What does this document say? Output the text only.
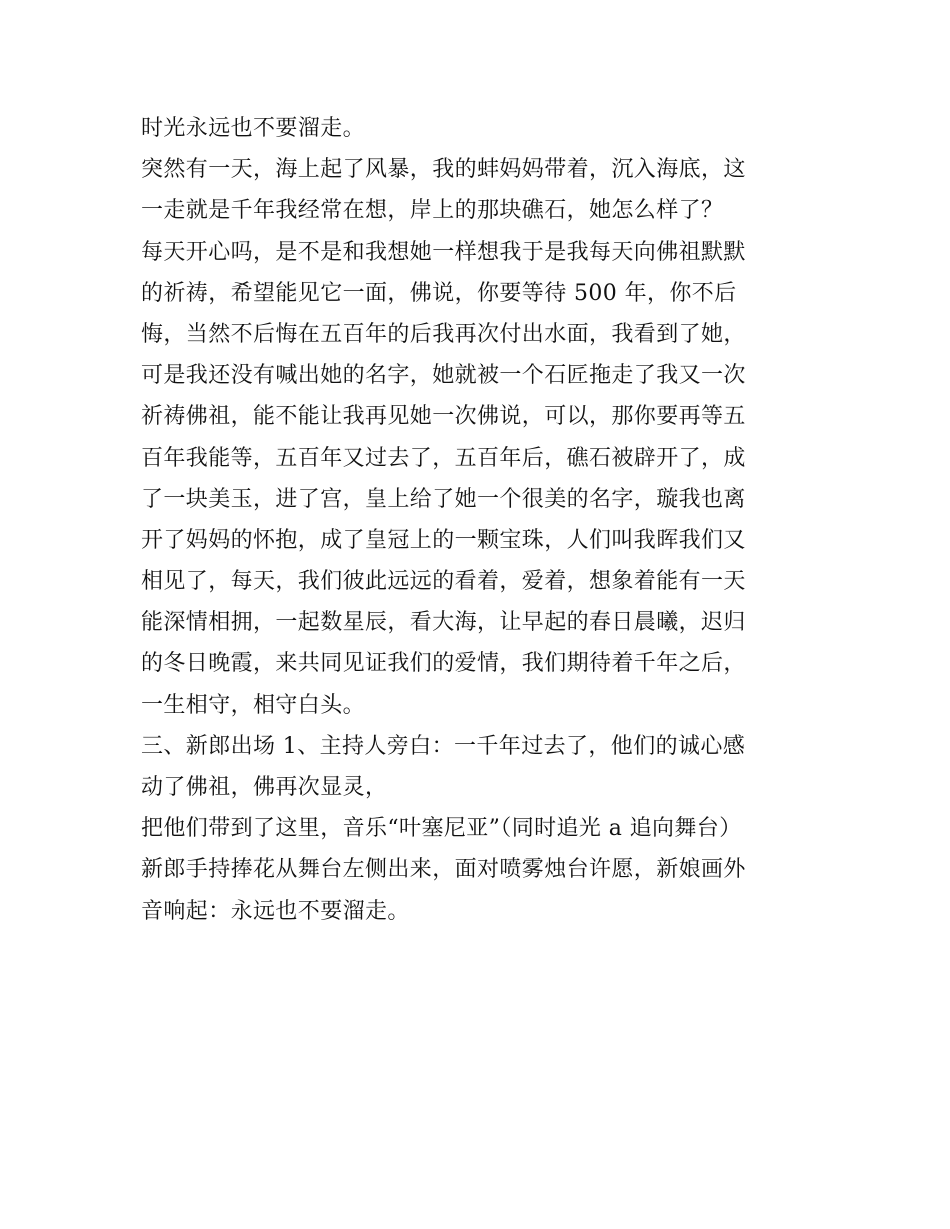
时光永远也不要溜走。
突然有一天，海上起了风暴，我的蚌妈妈带着，沉入海底，这
一走就是千年我经常在想，岸上的那块礁石，她怎么样了？
每天开心吗，是不是和我想她一样想我于是我每天向佛祖默默
的祈祷，希望能见它一面，佛说，你要等待 500 年，你不后
悔，当然不后悔在五百年的后我再次付出水面，我看到了她，
可是我还没有喊出她的名字，她就被一个石匠拖走了我又一次
祈祷佛祖，能不能让我再见她一次佛说，可以，那你要再等五
百年我能等，五百年又过去了，五百年后，礁石被辟开了，成
了一块美玉，进了宫，皇上给了她一个很美的名字，璇我也离
开了妈妈的怀抱，成了皇冠上的一颗宝珠，人们叫我晖我们又
相见了，每天，我们彼此远远的看着，爱着，想象着能有一天
能深情相拥，一起数星辰，看大海，让早起的春日晨曦，迟归
的冬日晚霞，来共同见证我们的爱情，我们期待着千年之后，
一生相守，相守白头。
三、新郎出场 1、主持人旁白：一千年过去了，他们的诚心感
动了佛祖，佛再次显灵，
把他们带到了这里，音乐“叶塞尼亚”（同时追光 a 追向舞台）
新郎手持捧花从舞台左侧出来，面对喷雾烛台许愿，新娘画外
音响起：永远也不要溜走。
